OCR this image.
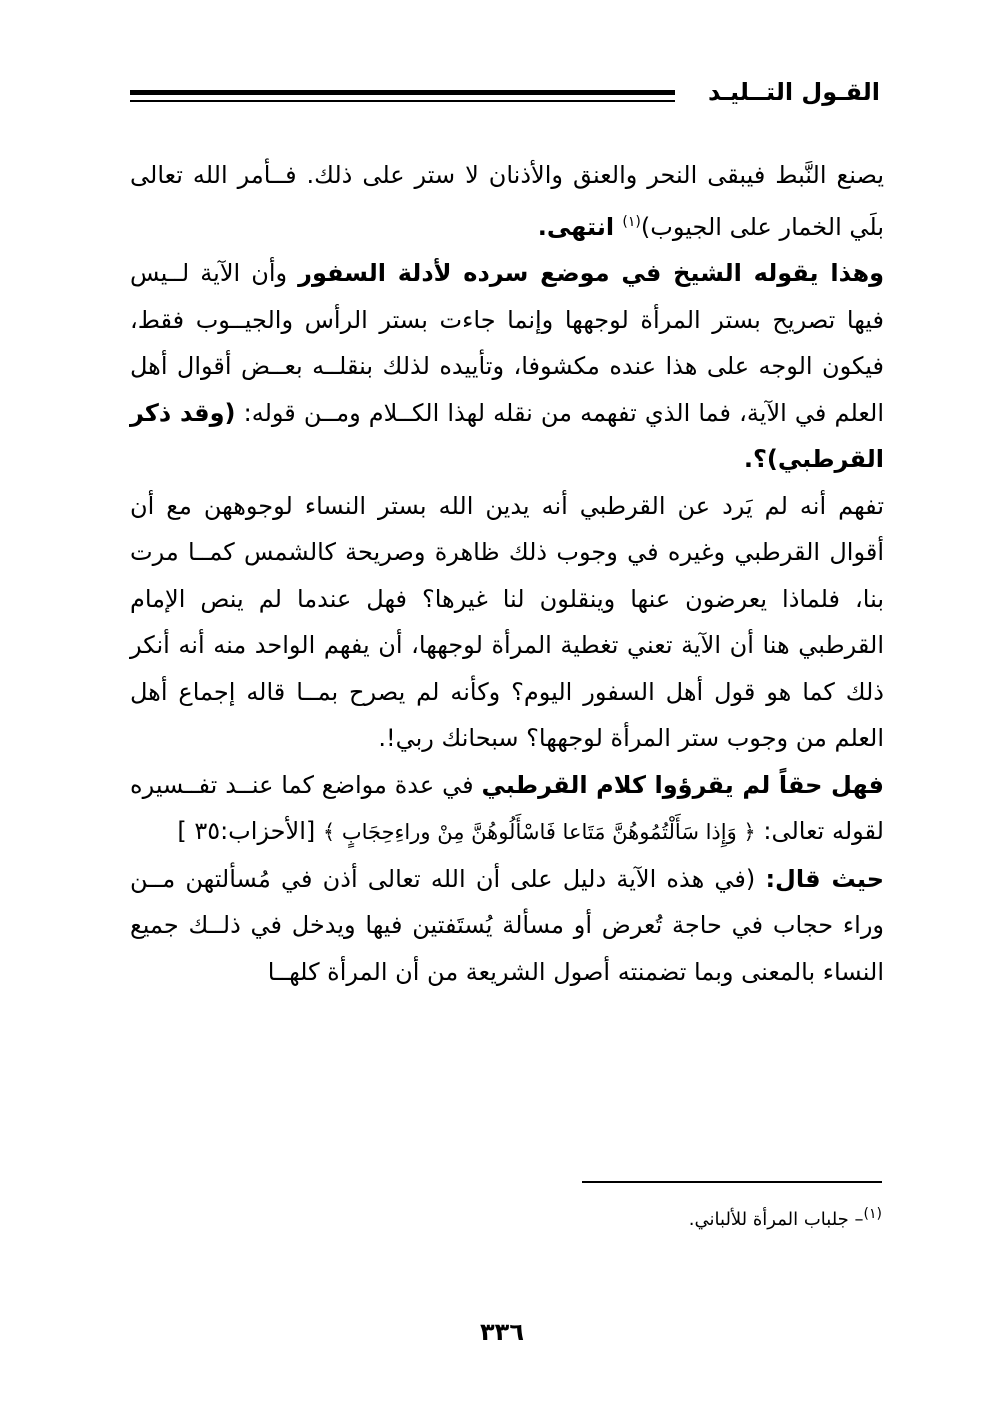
القـول التــليـد

يصنع النَّبط فيبقى النحر والعنق والأذنان لا ستر على ذلك. فــأمر الله تعالى بلَي الخمار على الجيوب)$^{(١)}$ انتهى.

وهذا يقوله الشيخ في موضع سرده لأدلة السفور وأن الآية لــيس فيها تصريح بستر المرأة لوجهها وإنما جاءت بستر الرأس والجيــوب فقط، فيكون الوجه على هذا عنده مكشوفا، وتأييده لذلك بنقلــه بعــض أقوال أهل العلم في الآية، فما الذي تفهمه من نقله لهذا الكــلام ومــن قوله: (وقد ذكر القرطبي)؟.

تفهم أنه لم يَرد عن القرطبي أنه يدين الله بستر النساء لوجوههن مع أن أقوال القرطبي وغيره في وجوب ذلك ظاهرة وصريحة كالشمس كمــا مرت بنا، فلماذا يعرضون عنها وينقلون لنا غيرها؟ فهل عندما لم ينص الإمام القرطبي هنا أن الآية تعني تغطية المرأة لوجهها، أن يفهم الواحد منه أنه أنكر ذلك كما هو قول أهل السفور اليوم؟ وكأنه لم يصرح بمــا قاله إجماع أهل العلم من وجوب ستر المرأة لوجهها؟ سبحانك ربي!.

فهل حقاً لم يقرؤوا كلام القرطبي في عدة مواضع كما عنــد تفــسيره لقوله تعالى: ﴿ وَإِذا سَأَلْتُمُوهُنَّ مَتَاعا فَاسْأَلُوهُنَّ مِنْ وراءِحِجَابٍ ﴾ [الأحزاب:٣٥ ]

حيث قال: (في هذه الآية دليل على أن الله تعالى أذن في مُسألتهن مــن وراء حجاب في حاجة تُعرض أو مسألة يُستَفتين فيها ويدخل في ذلــك جميع النساء بالمعنى وبما تضمنته أصول الشريعة من أن المرأة كلهــا

$^{(١)}$– جلباب المرأة للألباني.
٣٣٦
